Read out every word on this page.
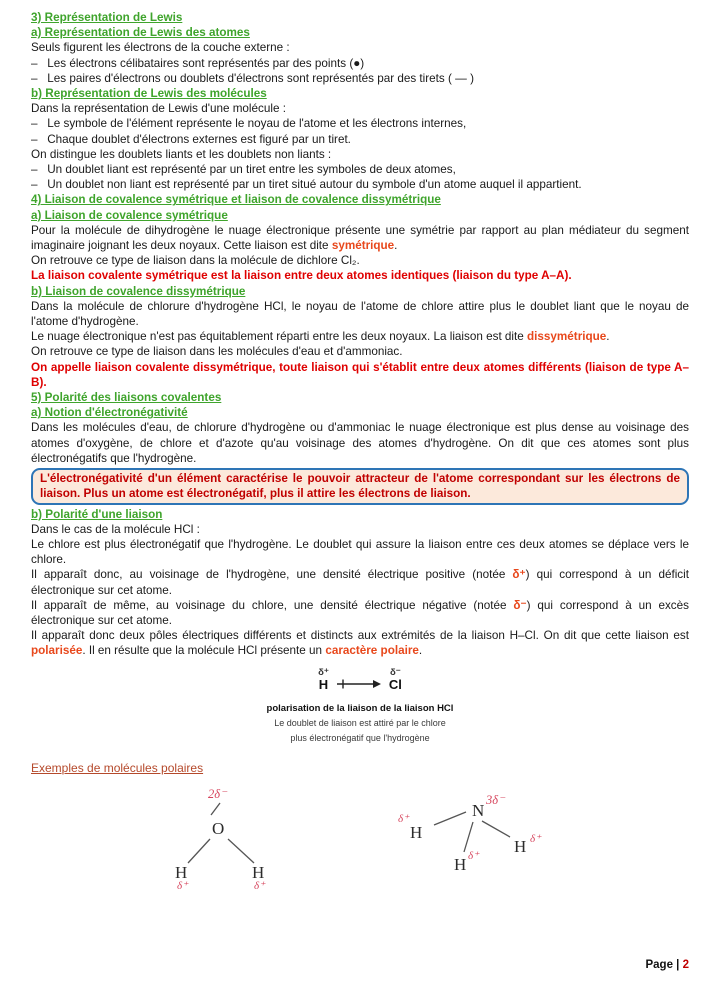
3) Représentation de Lewis
a) Représentation de Lewis des atomes
Seuls figurent les électrons de la couche externe :
–   Les électrons célibataires sont représentés par des points (●)
–   Les paires d'électrons ou doublets d'électrons sont représentés par des tirets ( — )
b) Représentation de Lewis des molécules
Dans la représentation de Lewis d'une molécule :
–   Le symbole de l'élément représente le noyau de l'atome et les électrons internes,
–   Chaque doublet d'électrons externes est figuré par un tiret.
On distingue les doublets liants et les doublets non liants :
–   Un doublet liant est représenté par un tiret entre les symboles de deux atomes,
–   Un doublet non liant est représenté par un tiret situé autour du symbole d'un atome auquel il appartient.
4) Liaison de covalence symétrique et liaison de covalence dissymétrique
a) Liaison de covalence symétrique
Pour la molécule de dihydrogène le nuage électronique présente une symétrie par rapport au plan médiateur du segment imaginaire joignant les deux noyaux. Cette liaison est dite symétrique.
On retrouve ce type de liaison dans la molécule de dichlore Cl₂.
La liaison covalente symétrique est la liaison entre deux atomes identiques (liaison du type A–A).
b) Liaison de covalence dissymétrique
Dans la molécule de chlorure d'hydrogène HCl, le noyau de l'atome de chlore attire plus le doublet liant que le noyau de l'atome d'hydrogène.
Le nuage électronique n'est pas équitablement réparti entre les deux noyaux. La liaison est dite dissymétrique.
On retrouve ce type de liaison dans les molécules d'eau et d'ammoniac.
On appelle liaison covalente dissymétrique, toute liaison qui s'établit entre deux atomes différents (liaison de type A–B).
5) Polarité des liaisons covalentes
a) Notion d'électronégativité
Dans les molécules d'eau, de chlorure d'hydrogène ou d'ammoniac le nuage électronique est plus dense au voisinage des atomes d'oxygène, de chlore et d'azote qu'au voisinage des atomes d'hydrogène. On dit que ces atomes sont plus électronégatifs que l'hydrogène.
L'électronégativité d'un élément caractérise le pouvoir attracteur de l'atome correspondant sur les électrons de liaison. Plus un atome est électronégatif, plus il attire les électrons de liaison.
b) Polarité d'une liaison
Dans le cas de la molécule HCl :
Le chlore est plus électronégatif que l'hydrogène. Le doublet qui assure la liaison entre ces deux atomes se déplace vers le chlore.
Il apparaît donc, au voisinage de l'hydrogène, une densité électrique positive (notée δ⁺) qui correspond à un déficit électronique sur cet atome.
Il apparaît de même, au voisinage du chlore, une densité électrique négative (notée δ⁻) qui correspond à un excès électronique sur cet atome.
Il apparaît donc deux pôles électriques différents et distincts aux extrémités de la liaison H–Cl. On dit que cette liaison est polarisée. Il en résulte que la molécule HCl présente un caractère polaire.
δ⁺	δ⁻
H	Cl
polarisation de la liaison de la liaison HCl
Le doublet de liaison est attiré par le chlore
plus électronégatif que l'hydrogène
Exemples de molécules polaires
2δ⁻
O
H	H
δ⁺	δ⁺
N
3δ⁻
δ⁺
H
H δ⁺
H δ⁺
Page | 2
